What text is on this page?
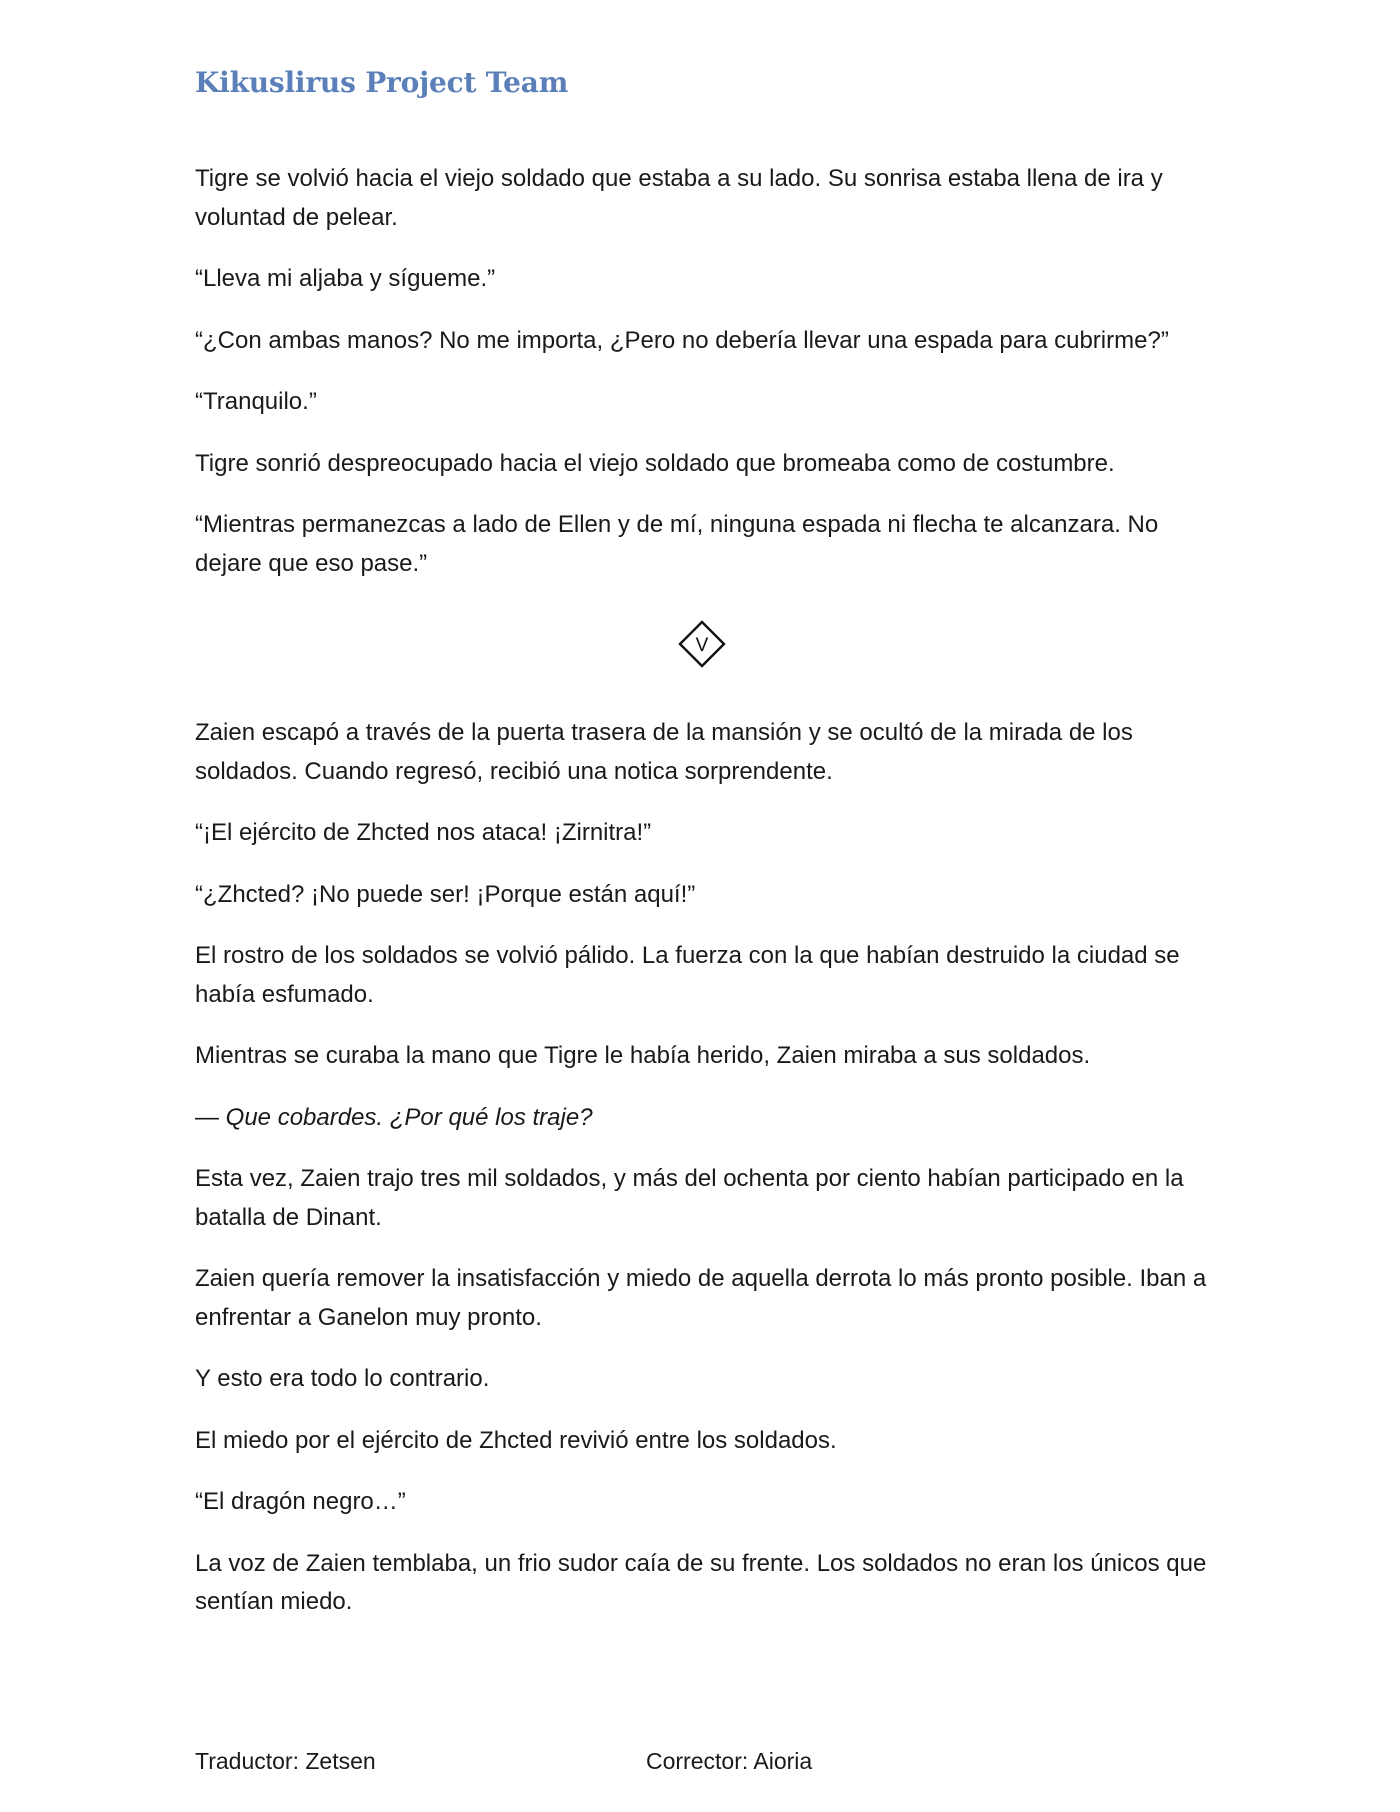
Kikuslirus Project Team

Tigre se volvió hacia el viejo soldado que estaba a su lado. Su sonrisa estaba llena de ira y voluntad de pelear.

“Lleva mi aljaba y sígueme.”

“¿Con ambas manos? No me importa, ¿Pero no debería llevar una espada para cubrirme?”

“Tranquilo.”

Tigre sonrió despreocupado hacia el viejo soldado que bromeaba como de costumbre.

“Mientras permanezcas a lado de Ellen y de mí, ninguna espada ni flecha te alcanzara. No dejare que eso pase.”

V

Zaien escapó a través de la puerta trasera de la mansión y se ocultó de la mirada de los soldados. Cuando regresó, recibió una notica sorprendente.

“¡El ejército de Zhcted nos ataca! ¡Zirnitra!”

“¿Zhcted? ¡No puede ser! ¡Porque están aquí!”

El rostro de los soldados se volvió pálido. La fuerza con la que habían destruido la ciudad se había esfumado.

Mientras se curaba la mano que Tigre le había herido, Zaien miraba a sus soldados.

— Que cobardes. ¿Por qué los traje?

Esta vez, Zaien trajo tres mil soldados, y más del ochenta por ciento habían participado en la batalla de Dinant.

Zaien quería remover la insatisfacción y miedo de aquella derrota lo más pronto posible. Iban a enfrentar a Ganelon muy pronto.

Y esto era todo lo contrario.

El miedo por el ejército de Zhcted revivió entre los soldados.

“El dragón negro…”

La voz de Zaien temblaba, un frio sudor caía de su frente. Los soldados no eran los únicos que sentían miedo.

Traductor: Zetsen	Corrector: Aioria
